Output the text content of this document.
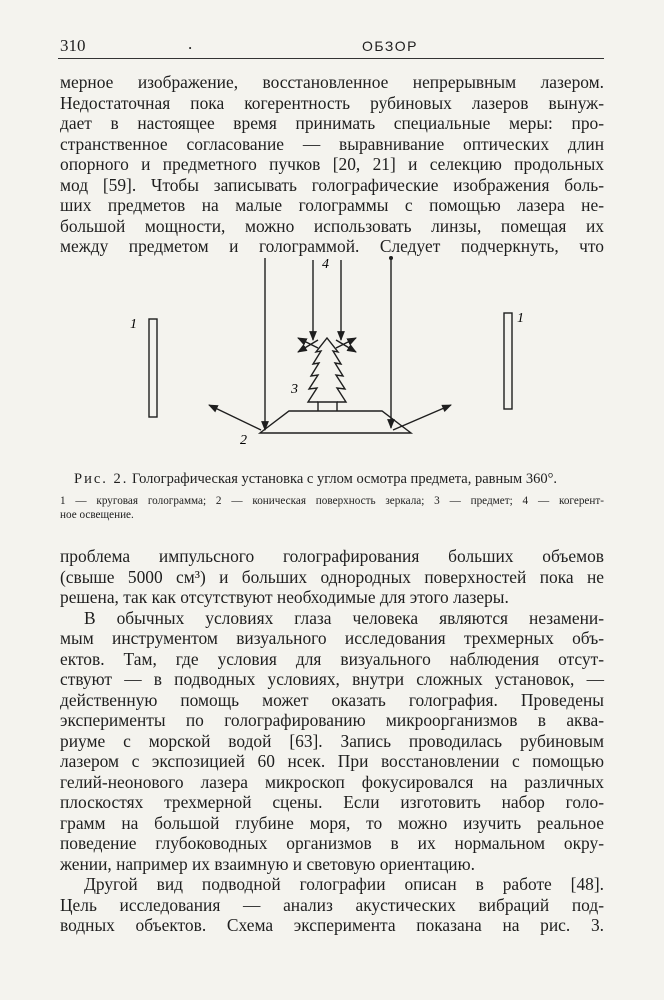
310	.	ОБЗОР
мерное изображение, восстановленное непрерывным лазером.
Недостаточная пока когерентность рубиновых лазеров вынуж-
дает в настоящее время принимать специальные меры: про-
странственное согласование — выравнивание оптических длин
опорного и предметного пучков [20, 21] и селекцию продольных
мод [59]. Чтобы записывать голографические изображения боль-
ших предметов на малые голограммы с помощью лазера не-
большой мощности, можно использовать линзы, помещая их
между предметом и голограммой. Следует подчеркнуть, что
1	1
2
3
4
Рис. 2. Голографическая установка с углом осмотра предмета, равным 360°.
1 — круговая голограмма; 2 — коническая поверхность зеркала; 3 — предмет; 4 — когерент-
ное освещение.
проблема импульсного голографирования больших объемов
(свыше 5000 см³) и больших однородных поверхностей пока не
решена, так как отсутствуют необходимые для этого лазеры.
В обычных условиях глаза человека являются незамени-
мым инструментом визуального исследования трехмерных объ-
ектов. Там, где условия для визуального наблюдения отсут-
ствуют — в подводных условиях, внутри сложных установок, —
действенную помощь может оказать голография. Проведены
эксперименты по голографированию микроорганизмов в аква-
риуме с морской водой [63]. Запись проводилась рубиновым
лазером с экспозицией 60 нсек. При восстановлении с помощью
гелий-неонового лазера микроскоп фокусировался на различных
плоскостях трехмерной сцены. Если изготовить набор голо-
грамм на большой глубине моря, то можно изучить реальное
поведение глубоководных организмов в их нормальном окру-
жении, например их взаимную и световую ориентацию.
Другой вид подводной голографии описан в работе [48].
Цель исследования — анализ акустических вибраций под-
водных объектов. Схема эксперимента показана на рис. 3.
